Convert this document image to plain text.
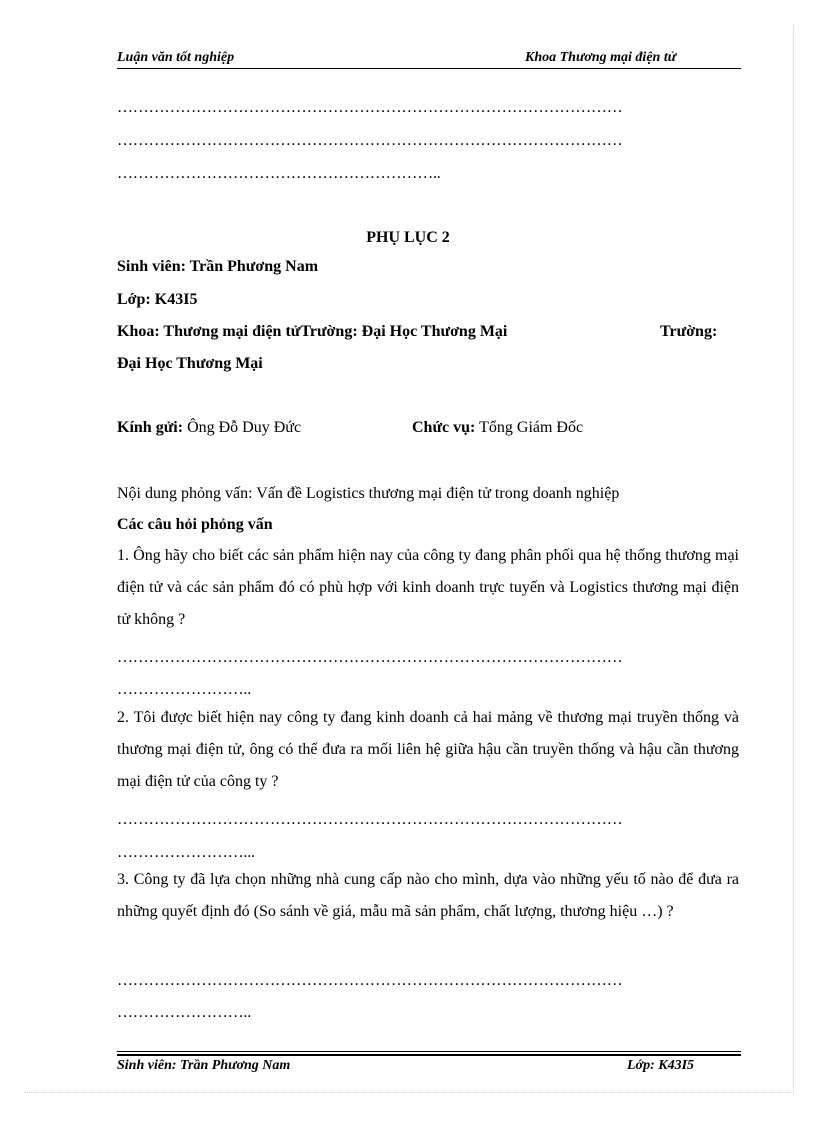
Luận văn tốt nghiệp	Khoa Thương mại điện tử
……………………………………………………………………………………
……………………………………………………………………………………
……………………………………………………..
PHỤ LỤC 2
Sinh viên: Trần Phương Nam
Lớp: K43I5
Khoa: Thương mại điện tửTrường: Đại Học Thương Mại	Trường:
Đại Học Thương Mại
Kính gửi: Ông Đỗ Duy Đức	Chức vụ: Tổng Giám Đốc
Nội dung phỏng vấn: Vấn đề Logistics thương mại điện tử trong doanh nghiệp
Các câu hỏi phỏng vấn
1. Ông hãy cho biết các sản phẩm hiện nay của công ty đang phân phối qua hệ thống thương mại điện tử và các sản phẩm đó có phù hợp với kinh doanh trực tuyến và Logistics thương mại điện tử không ?
……………………………………………………………………………………
……………………..
2. Tôi được biết hiện nay công ty đang kinh doanh cả hai mảng về thương mại truyền thống và thương mại điện tử, ông có thể đưa ra mối liên hệ giữa hậu cần truyền thống và hậu cần thương mại điện tử của công ty ?
……………………………………………………………………………………
……………………...
3. Công ty đã lựa chọn những nhà cung cấp nào cho mình, dựa vào những yếu tố nào để đưa ra những quyết định đó (So sánh về giá, mẫu mã sản phẩm, chất lượng, thương hiệu …) ?
……………………………………………………………………………………
……………………..
Sinh viên: Trần Phương Nam	Lớp: K43I5
